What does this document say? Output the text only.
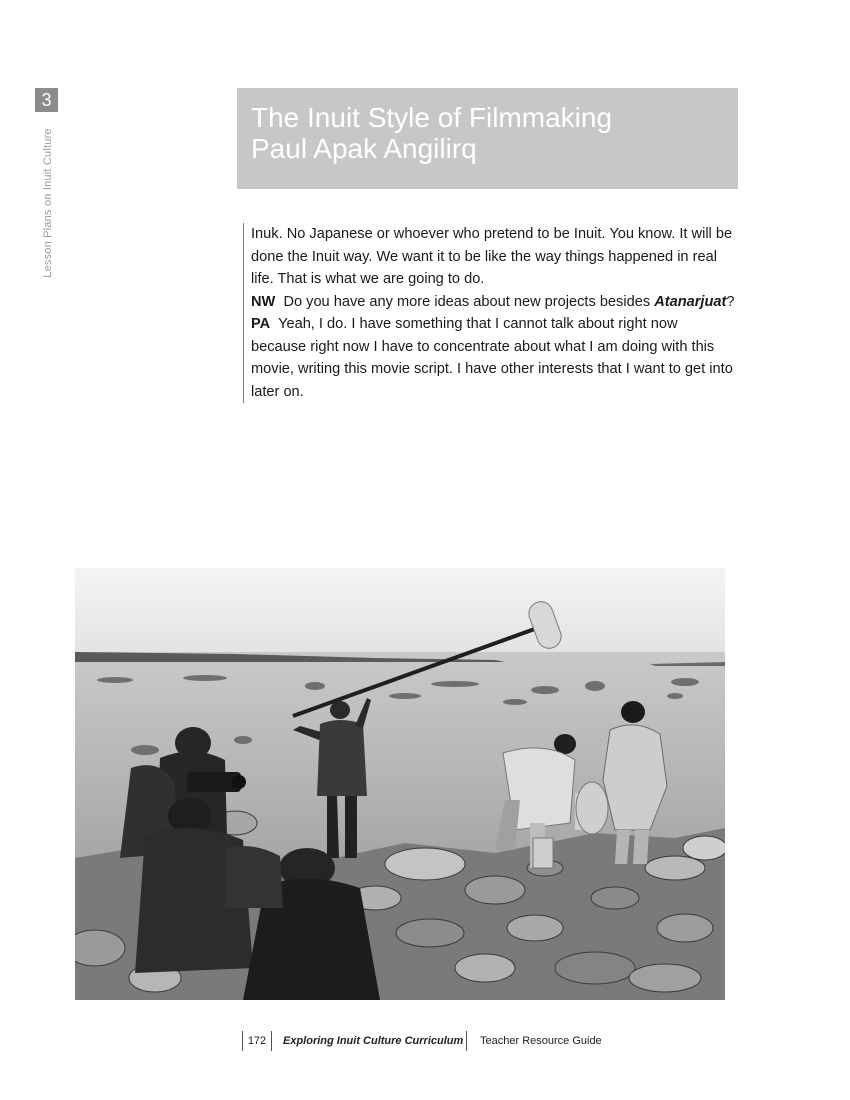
3
Lesson Plans on Inuit Culture
The Inuit Style of Filmmaking
Paul Apak Angilirq
Inuk. No Japanese or whoever who pretend to be Inuit. You know. It will be done the Inuit way. We want it to be like the way things happened in real life. That is what we are going to do.
NW Do you have any more ideas about new projects besides Atanarjuat?
PA Yeah, I do. I have something that I cannot talk about right now because right now I have to concentrate about what I am doing with this movie, writing this movie script. I have other interests that I want to get into later on.
172	Exploring Inuit Culture Curriculum Teacher Resource Guide
